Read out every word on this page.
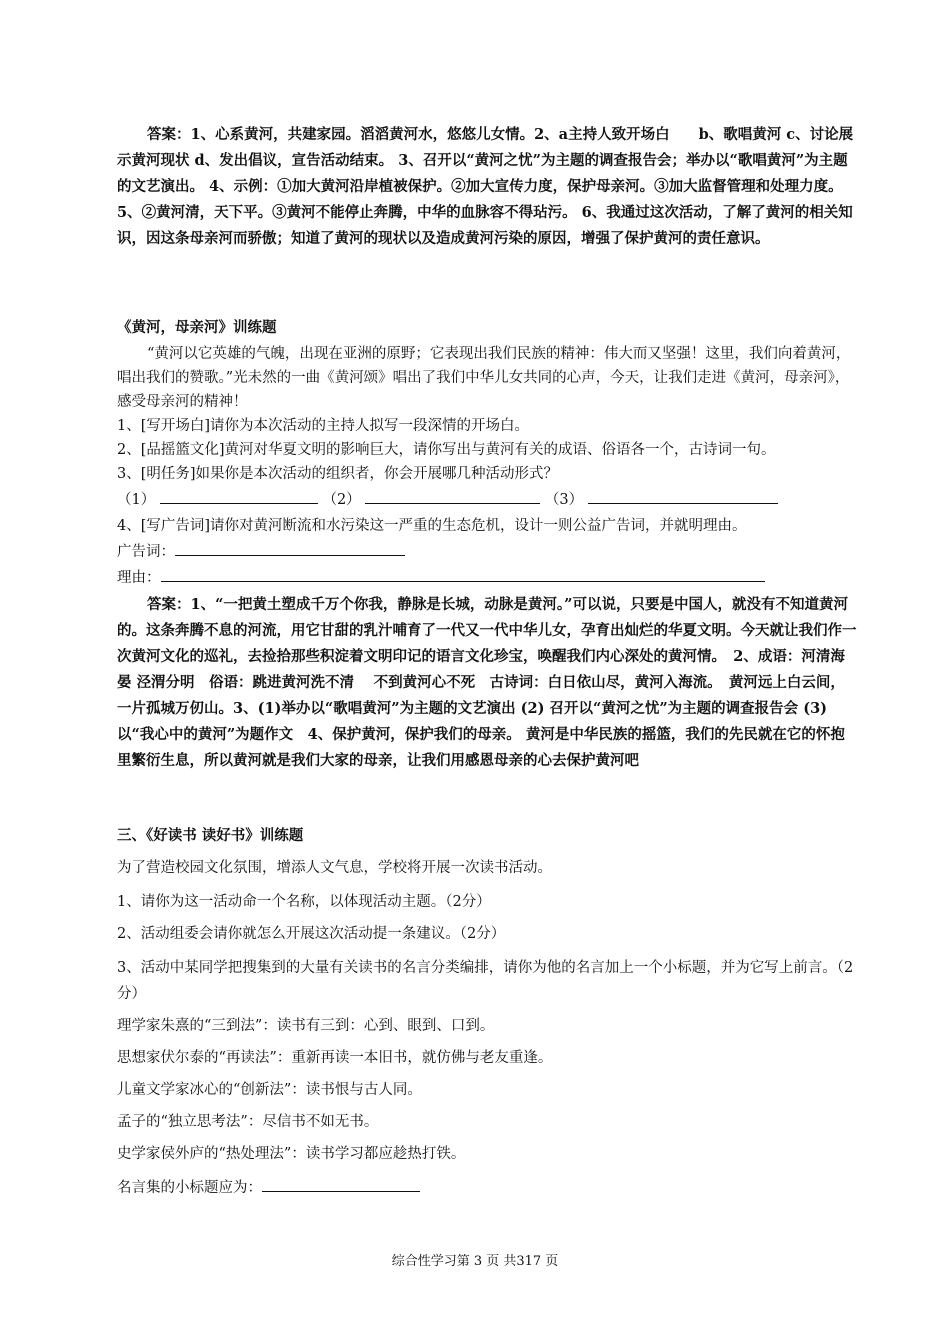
答案：1、心系黄河，共建家园。滔滔黄河水，悠悠儿女情。2、a主持人致开场白　　b、歌唱黄河 c、讨论展示黄河现状 d、发出倡议，宣告活动结束。 3、召开以“黄河之忧”为主题的调查报告会；举办以“歌唱黄河”为主题的文艺演出。 4、示例：①加大黄河沿岸植被保护。②加大宣传力度，保护母亲河。③加大监督管理和处理力度。 5、②黄河清，天下平。③黄河不能停止奔腾，中华的血脉容不得玷污。 6、我通过这次活动，了解了黄河的相关知识，因这条母亲河而骄傲；知道了黄河的现状以及造成黄河污染的原因，增强了保护黄河的责任意识。
《黄河，母亲河》训练题
“黄河以它英雄的气魄，出现在亚洲的原野；它表现出我们民族的精神：伟大而又坚强！这里，我们向着黄河，唱出我们的赞歌。”光未然的一曲《黄河颂》唱出了我们中华儿女共同的心声，今天，让我们走进《黄河，母亲河》，感受母亲河的精神！
1、[写开场白]请你为本次活动的主持人拟写一段深情的开场白。
2、[品摇篮文化]黄河对华夏文明的影响巨大，请你写出与黄河有关的成语、俗语各一个，古诗词一句。
3、[明任务]如果你是本次活动的组织者，你会开展哪几种活动形式？
（1）	（2）	（3）
4、[写广告词]请你对黄河断流和水污染这一严重的生态危机，设计一则公益广告词，并就明理由。
广告词：
理由：
答案：1、“一把黄土塑成千万个你我，静脉是长城，动脉是黄河。”可以说，只要是中国人，就没有不知道黄河的。这条奔腾不息的河流，用它甘甜的乳汁哺育了一代又一代中华儿女，孕育出灿烂的华夏文明。今天就让我们作一次黄河文化的巡礼，去捡拾那些积淀着文明印记的语言文化珍宝，唤醒我们内心深处的黄河情。　2、成语：河清海晏 泾渭分明　俗语：跳进黄河洗不清　 不到黄河心不死　古诗词：白日依山尽，黄河入海流。　黄河远上白云间，一片孤城万仞山。3、(1)举办以“歌唱黄河”为主题的文艺演出 (2) 召开以“黄河之忧”为主题的调查报告会 (3) 以“我心中的黄河”为题作文　4、保护黄河，保护我们的母亲。 黄河是中华民族的摇篮，我们的先民就在它的怀抱里繁衍生息，所以黄河就是我们大家的母亲，让我们用感恩母亲的心去保护黄河吧
三、《好读书 读好书》训练题
为了营造校园文化氛围，增添人文气息，学校将开展一次读书活动。
1、请你为这一活动命一个名称，以体现活动主题。（2分）
2、活动组委会请你就怎么开展这次活动提一条建议。（2分）
3、活动中某同学把搜集到的大量有关读书的名言分类编排，请你为他的名言加上一个小标题，并为它写上前言。（2分）
理学家朱熹的“三到法”：读书有三到：心到、眼到、口到。
思想家伏尔泰的“再读法”：重新再读一本旧书，就仿佛与老友重逢。
儿童文学家冰心的“创新法”：读书恨与古人同。
孟子的“独立思考法”：尽信书不如无书。
史学家侯外庐的“热处理法”：读书学习都应趁热打铁。
名言集的小标题应为：
综合性学习第 3 页 共317 页
